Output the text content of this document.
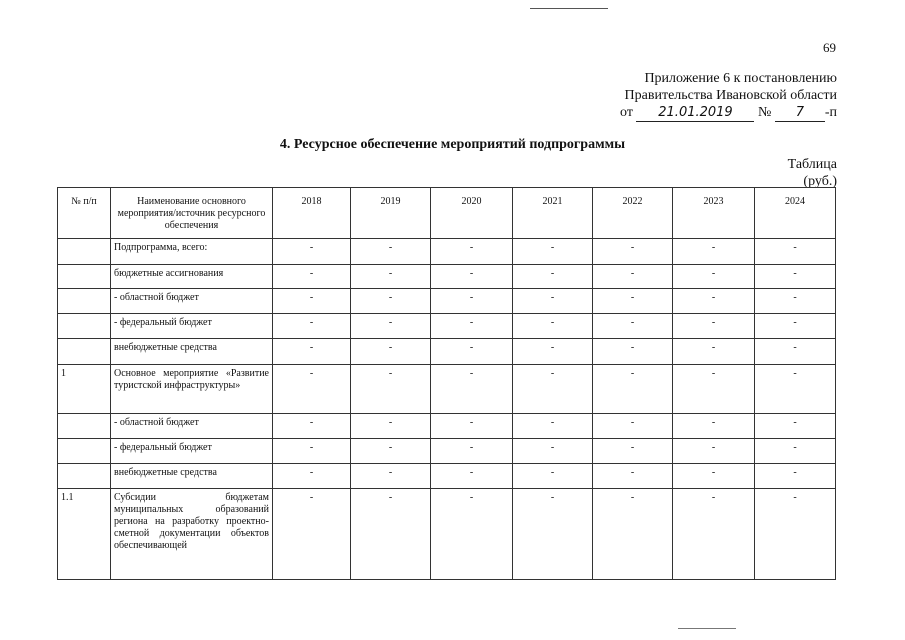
69
Приложение 6 к постановлению
Правительства Ивановской области
от 21.01.2019 № 7 -п
4. Ресурсное обеспечение мероприятий подпрограммы
Таблица
(руб.)
№ п/п	Наименование основного мероприятия/источник ресурсного обеспечения	2018	2019	2020	2021	2022	2023	2024
	Подпрограмма, всего:	-	-	-	-	-	-	-
	бюджетные ассигнования	-	-	-	-	-	-	-
	- областной бюджет	-	-	-	-	-	-	-
	- федеральный бюджет	-	-	-	-	-	-	-
	внебюджетные средства	-	-	-	-	-	-	-
1	Основное мероприятие «Развитие туристской инфраструктуры»	-	-	-	-	-	-	-
	- областной бюджет	-	-	-	-	-	-	-
	- федеральный бюджет	-	-	-	-	-	-	-
	внебюджетные средства	-	-	-	-	-	-	-
1.1	Субсидии бюджетам муниципальных образований региона на разработку проектно-сметной документации объектов обеспечивающей	-	-	-	-	-	-	-
